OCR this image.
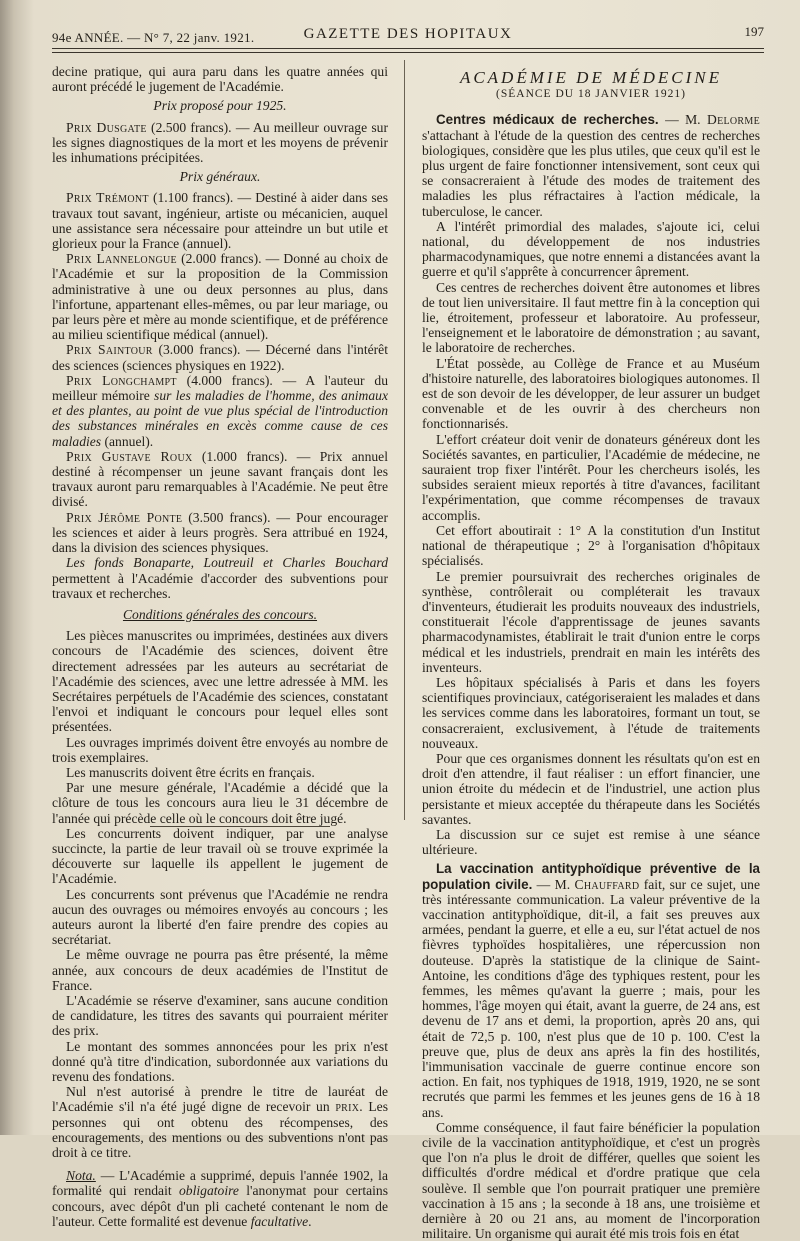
94e ANNÉE. — N° 7, 22 janv. 1921.	GAZETTE DES HOPITAUX	197

decine pratique, qui aura paru dans les quatre années qui auront précédé le jugement de l'Académie.

Prix proposé pour 1925.

Prix Dusgate (2.500 francs). — Au meilleur ouvrage sur les signes diagnostiques de la mort et les moyens de prévenir les inhumations précipitées.

Prix généraux.

Prix Trémont (1.100 francs). — Destiné à aider dans ses travaux tout savant, ingénieur, artiste ou mécanicien, auquel une assistance sera nécessaire pour atteindre un but utile et glorieux pour la France (annuel).

Prix Lannelongue (2.000 francs). — Donné au choix de l'Académie et sur la proposition de la Commission administrative à une ou deux personnes au plus, dans l'infortune, appartenant elles-mêmes, ou par leur mariage, ou par leurs père et mère au monde scientifique, et de préférence au milieu scientifique médical (annuel).

Prix Saintour (3.000 francs). — Décerné dans l'intérêt des sciences (sciences physiques en 1922).

Prix Longchampt (4.000 francs). — A l'auteur du meilleur mémoire sur les maladies de l'homme, des animaux et des plantes, au point de vue plus spécial de l'introduction des substances minérales en excès comme cause de ces maladies (annuel).

Prix Gustave Roux (1.000 francs). — Prix annuel destiné à récompenser un jeune savant français dont les travaux auront paru remarquables à l'Académie. Ne peut être divisé.

Prix Jérôme Ponte (3.500 francs). — Pour encourager les sciences et aider à leurs progrès. Sera attribué en 1924, dans la division des sciences physiques.

Les fonds Bonaparte, Loutreuil et Charles Bouchard permettent à l'Académie d'accorder des subventions pour travaux et recherches.

Conditions générales des concours.

Les pièces manuscrites ou imprimées, destinées aux divers concours de l'Académie des sciences, doivent être directement adressées par les auteurs au secrétariat de l'Académie des sciences, avec une lettre adressée à MM. les Secrétaires perpétuels de l'Académie des sciences, constatant l'envoi et indiquant le concours pour lequel elles sont présentées.

Les ouvrages imprimés doivent être envoyés au nombre de trois exemplaires.

Les manuscrits doivent être écrits en français.

Par une mesure générale, l'Académie a décidé que la clôture de tous les concours aura lieu le 31 décembre de l'année qui précède celle où le concours doit être jugé.

Les concurrents doivent indiquer, par une analyse succincte, la partie de leur travail où se trouve exprimée la découverte sur laquelle ils appellent le jugement de l'Académie.

Les concurrents sont prévenus que l'Académie ne rendra aucun des ouvrages ou mémoires envoyés au concours ; les auteurs auront la liberté d'en faire prendre des copies au secrétariat.

Le même ouvrage ne pourra pas être présenté, la même année, aux concours de deux académies de l'Institut de France.

L'Académie se réserve d'examiner, sans aucune condition de candidature, les titres des savants qui pourraient mériter des prix.

Le montant des sommes annoncées pour les prix n'est donné qu'à titre d'indication, subordonnée aux variations du revenu des fondations.

Nul n'est autorisé à prendre le titre de lauréat de l'Académie s'il n'a été jugé digne de recevoir un prix. Les personnes qui ont obtenu des récompenses, des encouragements, des mentions ou des subventions n'ont pas droit à ce titre.

Nota. — L'Académie a supprimé, depuis l'année 1902, la formalité qui rendait obligatoire l'anonymat pour certains concours, avec dépôt d'un pli cacheté contenant le nom de l'auteur. Cette formalité est devenue facultative.

ACADÉMIE DE MÉDECINE

(SÉANCE DU 18 JANVIER 1921)

Centres médicaux de recherches. — M. Delorme s'attachant à l'étude de la question des centres de recherches biologiques, considère que les plus utiles, que ceux qu'il est le plus urgent de faire fonctionner intensivement, sont ceux qui se consacreraient à l'étude des modes de traitement des maladies les plus réfractaires à l'action médicale, la tuberculose, le cancer.

A l'intérêt primordial des malades, s'ajoute ici, celui national, du développement de nos industries pharmacodynamiques, que notre ennemi a distancées avant la guerre et qu'il s'apprête à concurrencer âprement.

Ces centres de recherches doivent être autonomes et libres de tout lien universitaire. Il faut mettre fin à la conception qui lie, étroitement, professeur et laboratoire. Au professeur, l'enseignement et le laboratoire de démonstration ; au savant, le laboratoire de recherches.

L'État possède, au Collège de France et au Muséum d'histoire naturelle, des laboratoires biologiques autonomes. Il est de son devoir de les développer, de leur assurer un budget convenable et de les ouvrir à des chercheurs non fonctionnarisés.

L'effort créateur doit venir de donateurs généreux dont les Sociétés savantes, en particulier, l'Académie de médecine, ne sauraient trop fixer l'intérêt. Pour les chercheurs isolés, les subsides seraient mieux reportés à titre d'avances, facilitant l'expérimentation, que comme récompenses de travaux accomplis.

Cet effort aboutirait : 1° A la constitution d'un Institut national de thérapeutique ; 2° à l'organisation d'hôpitaux spécialisés.

Le premier poursuivrait des recherches originales de synthèse, contrôlerait ou compléterait les travaux d'inventeurs, étudierait les produits nouveaux des industriels, constituerait l'école d'apprentissage de jeunes savants pharmacodynamistes, établirait le trait d'union entre le corps médical et les industriels, prendrait en main les intérêts des inventeurs.

Les hôpitaux spécialisés à Paris et dans les foyers scientifiques provinciaux, catégoriseraient les malades et dans les services comme dans les laboratoires, formant un tout, se consacreraient, exclusivement, à l'étude de traitements nouveaux.

Pour que ces organismes donnent les résultats qu'on est en droit d'en attendre, il faut réaliser : un effort financier, une union étroite du médecin et de l'industriel, une action plus persistante et mieux acceptée du thérapeute dans les Sociétés savantes.

La discussion sur ce sujet est remise à une séance ultérieure.

La vaccination antityphoïdique préventive de la population civile. — M. Chauffard fait, sur ce sujet, une très intéressante communication. La valeur préventive de la vaccination antityphoïdique, dit-il, a fait ses preuves aux armées, pendant la guerre, et elle a eu, sur l'état actuel de nos fièvres typhoïdes hospitalières, une répercussion non douteuse. D'après la statistique de la clinique de Saint-Antoine, les conditions d'âge des typhiques restent, pour les femmes, les mêmes qu'avant la guerre ; mais, pour les hommes, l'âge moyen qui était, avant la guerre, de 24 ans, est devenu de 17 ans et demi, la proportion, après 20 ans, qui était de 72,5 p. 100, n'est plus que de 10 p. 100. C'est la preuve que, plus de deux ans après la fin des hostilités, l'immunisation vaccinale de guerre continue encore son action. En fait, nos typhiques de 1918, 1919, 1920, ne se sont recrutés que parmi les femmes et les jeunes gens de 16 à 18 ans.

Comme conséquence, il faut faire bénéficier la population civile de la vaccination antityphoïdique, et c'est un progrès que l'on n'a plus le droit de différer, quelles que soient les difficultés d'ordre médical et d'ordre pratique que cela soulève. Il semble que l'on pourrait pratiquer une première vaccination à 15 ans ; la seconde à 18 ans, une troisième et dernière à 20 ou 21 ans, au moment de l'incorporation militaire. Un organisme qui aurait été mis trois fois en état
